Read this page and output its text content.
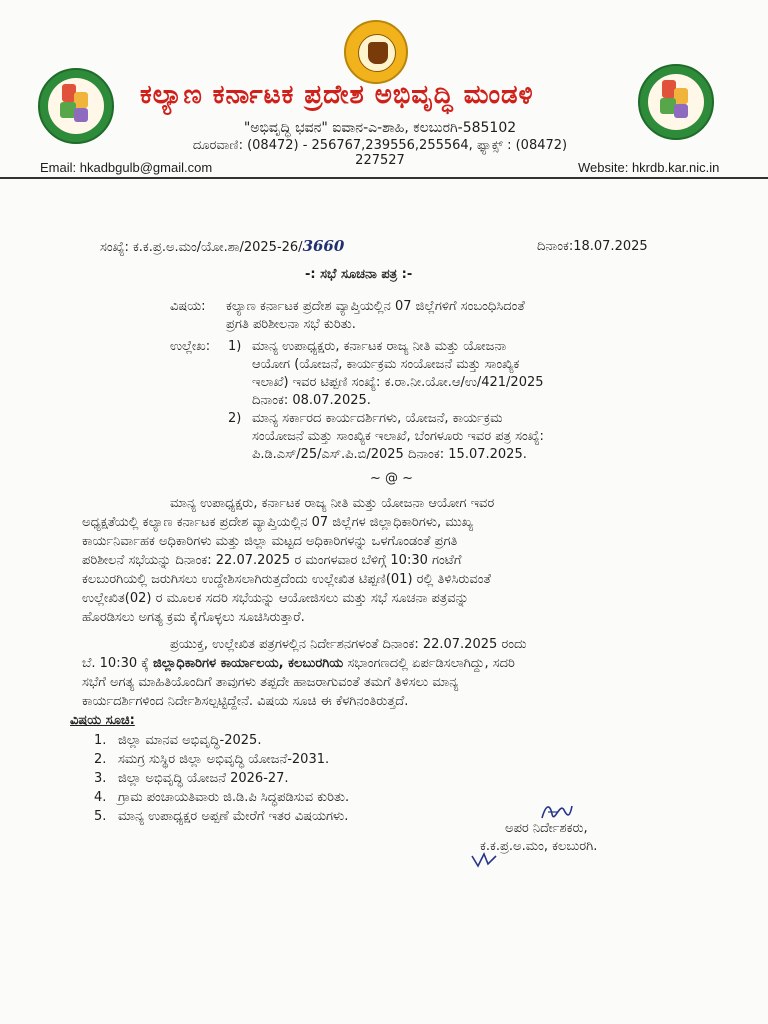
ಕಲ್ಯಾಣ ಕರ್ನಾಟಕ ಪ್ರದೇಶ ಅಭಿವೃದ್ಧಿ ಮಂಡಳಿ
"ಅಭಿವೃದ್ಧಿ ಭವನ" ಐವಾನ-ಎ-ಶಾಹಿ, ಕಲಬುರಗಿ-585102
ದೂರವಾಣಿ: (08472) - 256767,239556,255564, ಫ್ಯಾಕ್ಸ್ : (08472) 227527
Email: hkadbgulb@gmail.com	Website: hkrdb.kar.nic.in
ಸಂಖ್ಯೆ: ಕ.ಕ.ಪ್ರ.ಅ.ಮಂ/ಯೋ.ಶಾ/2025-26/3660	ದಿನಾಂಕ:18.07.2025
-: ಸಭೆ ಸೂಚನಾ ಪತ್ರ :-
ವಿಷಯ: ಕಲ್ಯಾಣ ಕರ್ನಾಟಕ ಪ್ರದೇಶ ವ್ಯಾಪ್ತಿಯಲ್ಲಿನ 07 ಜಿಲ್ಲೆಗಳಿಗೆ ಸಂಬಂಧಿಸಿದಂತೆ
ಪ್ರಗತಿ ಪರಿಶೀಲನಾ ಸಭೆ ಕುರಿತು.
ಉಲ್ಲೇಖ: 1) ಮಾನ್ಯ ಉಪಾಧ್ಯಕ್ಷರು, ಕರ್ನಾಟಕ ರಾಜ್ಯ ನೀತಿ ಮತ್ತು ಯೋಜನಾ
ಆಯೋಗ (ಯೋಜನೆ, ಕಾರ್ಯಕ್ರಮ ಸಂಯೋಜನೆ ಮತ್ತು ಸಾಂಖ್ಯಿಕ
ಇಲಾಖೆ) ಇವರ ಟಿಪ್ಪಣಿ ಸಂಖ್ಯೆ: ಕ.ರಾ.ನೀ.ಯೋ.ಆ/ಉ/421/2025
ದಿನಾಂಕ: 08.07.2025.
2) ಮಾನ್ಯ ಸರ್ಕಾರದ ಕಾರ್ಯದರ್ಶಿಗಳು, ಯೋಜನೆ, ಕಾರ್ಯಕ್ರಮ
ಸಂಯೋಜನೆ ಮತ್ತು ಸಾಂಖ್ಯಿಕ ಇಲಾಖೆ, ಬೆಂಗಳೂರು ಇವರ ಪತ್ರ ಸಂಖ್ಯೆ:
ಪಿ.ಡಿ.ಎಸ್/25/ಎಸ್.ಪಿ.ಬಿ/2025 ದಿನಾಂಕ: 15.07.2025.
~ @ ~
ಮಾನ್ಯ ಉಪಾಧ್ಯಕ್ಷರು, ಕರ್ನಾಟಕ ರಾಜ್ಯ ನೀತಿ ಮತ್ತು ಯೋಜನಾ ಆಯೋಗ ಇವರ
ಅಧ್ಯಕ್ಷತೆಯಲ್ಲಿ ಕಲ್ಯಾಣ ಕರ್ನಾಟಕ ಪ್ರದೇಶ ವ್ಯಾಪ್ತಿಯಲ್ಲಿನ 07 ಜಿಲ್ಲೆಗಳ ಜಿಲ್ಲಾಧಿಕಾರಿಗಳು, ಮುಖ್ಯ
ಕಾರ್ಯನಿರ್ವಾಹಕ ಅಧಿಕಾರಿಗಳು ಮತ್ತು ಜಿಲ್ಲಾ ಮಟ್ಟದ ಅಧಿಕಾರಿಗಳನ್ನು ಒಳಗೊಂಡಂತೆ ಪ್ರಗತಿ
ಪರಿಶೀಲನೆ ಸಭೆಯನ್ನು ದಿನಾಂಕ: 22.07.2025 ರ ಮಂಗಳವಾರ ಬೆಳಿಗ್ಗೆ 10:30 ಗಂಟೆಗೆ
ಕಲಬುರಗಿಯಲ್ಲಿ ಜರುಗಿಸಲು ಉದ್ದೇಶಿಸಲಾಗಿರುತ್ತದೆಂದು ಉಲ್ಲೇಖಿತ ಟಿಪ್ಪಣಿ(01) ರಲ್ಲಿ ತಿಳಿಸಿರುವಂತೆ
ಉಲ್ಲೇಖಿತ(02) ರ ಮೂಲಕ ಸದರಿ ಸಭೆಯನ್ನು ಆಯೋಜಿಸಲು ಮತ್ತು ಸಭೆ ಸೂಚನಾ ಪತ್ರವನ್ನು
ಹೊರಡಿಸಲು ಅಗತ್ಯ ಕ್ರಮ ಕೈಗೊಳ್ಳಲು ಸೂಚಿಸಿರುತ್ತಾರೆ.
ಪ್ರಯುಕ್ತ, ಉಲ್ಲೇಖಿತ ಪತ್ರಗಳಲ್ಲಿನ ನಿರ್ದೇಶನಗಳಂತೆ ದಿನಾಂಕ: 22.07.2025 ರಂದು
ಬೆ. 10:30 ಕ್ಕೆ ಜಿಲ್ಲಾಧಿಕಾರಿಗಳ ಕಾರ್ಯಾಲಯ, ಕಲಬುರಗಿಯ ಸಭಾಂಗಣದಲ್ಲಿ ಏರ್ಪಡಿಸಲಾಗಿದ್ದು, ಸದರಿ
ಸಭೆಗೆ ಅಗತ್ಯ ಮಾಹಿತಿಯೊಂದಿಗೆ ತಾವುಗಳು ತಪ್ಪದೇ ಹಾಜರಾಗುವಂತೆ ತಮಗೆ ತಿಳಿಸಲು ಮಾನ್ಯ
ಕಾರ್ಯದರ್ಶಿಗಳಿಂದ ನಿರ್ದೇಶಿಸಲ್ಪಟ್ಟಿದ್ದೇನೆ. ವಿಷಯ ಸೂಚಿ ಈ ಕೆಳಗಿನಂತಿರುತ್ತದೆ.
ವಿಷಯ ಸೂಚಿ:
1. ಜಿಲ್ಲಾ ಮಾನವ ಅಭಿವೃದ್ಧಿ-2025.
2. ಸಮಗ್ರ ಸುಸ್ಥಿರ ಜಿಲ್ಲಾ ಅಭಿವೃದ್ಧಿ ಯೋಜನೆ-2031.
3. ಜಿಲ್ಲಾ ಅಭಿವೃದ್ಧಿ ಯೋಜನೆ 2026-27.
4. ಗ್ರಾಮ ಪಂಚಾಯತಿವಾರು ಜಿ.ಡಿ.ಪಿ ಸಿದ್ಧಪಡಿಸುವ ಕುರಿತು.
5. ಮಾನ್ಯ ಉಪಾಧ್ಯಕ್ಷರ ಅಪ್ಪಣೆ ಮೇರೆಗೆ ಇತರ ವಿಷಯಗಳು.
ಅಪರ ನಿರ್ದೇಶಕರು,
ಕ.ಕ.ಪ್ರ.ಅ.ಮಂ, ಕಲಬುರಗಿ.
